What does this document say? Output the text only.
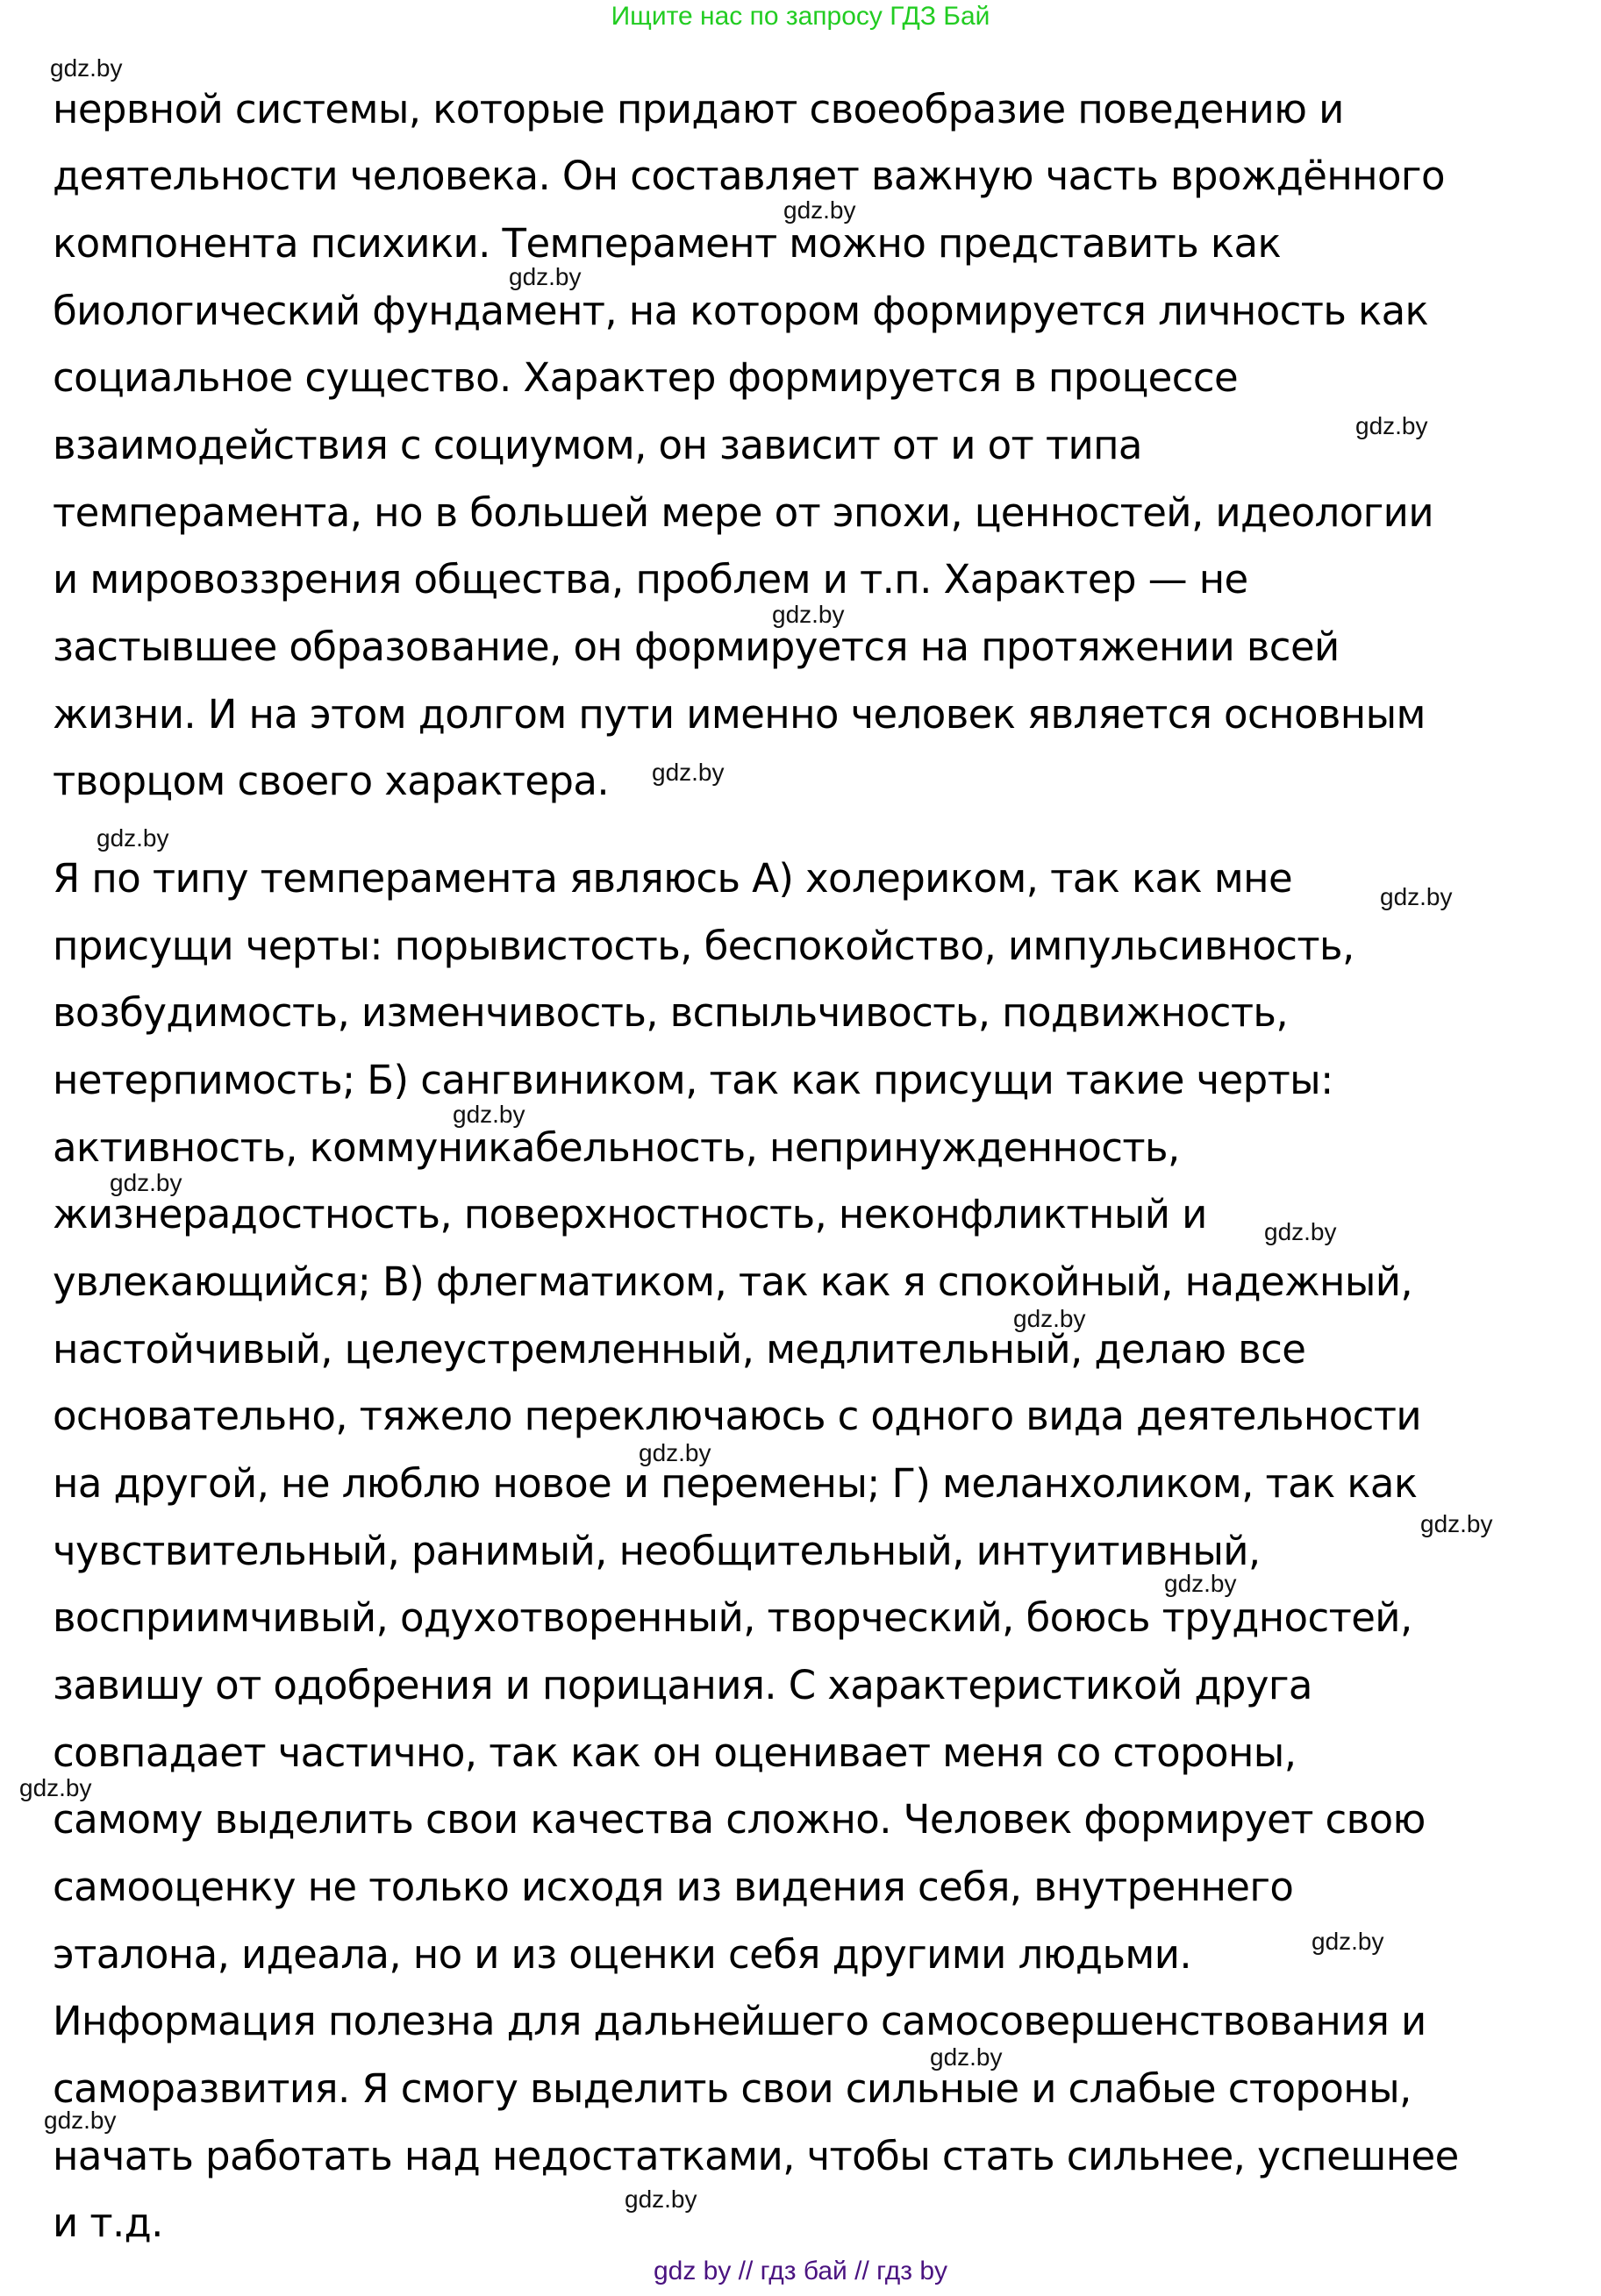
Ищите нас по запросу ГДЗ Бай
нервной системы, которые придают своеобразие поведению и
деятельности человека. Он составляет важную часть врождённого
компонента психики. Темперамент можно представить как
биологический фундамент, на котором формируется личность как
социальное существо. Характер формируется в процессе
взаимодействия с социумом, он зависит от и от типа
темперамента, но в большей мере от эпохи, ценностей, идеологии
и мировоззрения общества, проблем и т.п. Характер — не
застывшее образование, он формируется на протяжении всей
жизни. И на этом долгом пути именно человек является основным
творцом своего характера.
Я по типу темперамента являюсь А) холериком, так как мне
присущи черты: порывистость, беспокойство, импульсивность,
возбудимость, изменчивость, вспыльчивость, подвижность,
нетерпимость; Б) сангвиником, так как присущи такие черты:
активность, коммуникабельность, непринужденность,
жизнерадостность, поверхностность, неконфликтный и
увлекающийся; В) флегматиком, так как я спокойный, надежный,
настойчивый, целеустремленный, медлительный, делаю все
основательно, тяжело переключаюсь с одного вида деятельности
на другой, не люблю новое и перемены; Г) меланхоликом, так как
чувствительный, ранимый, необщительный, интуитивный,
восприимчивый, одухотворенный, творческий, боюсь трудностей,
завишу от одобрения и порицания. С характеристикой друга
совпадает частично, так как он оценивает меня со стороны,
самому выделить свои качества сложно. Человек формирует свою
самооценку не только исходя из видения себя, внутреннего
эталона, идеала, но и из оценки себя другими людьми.
Информация полезна для дальнейшего самосовершенствования и
саморазвития. Я смогу выделить свои сильные и слабые стороны,
начать работать над недостатками, чтобы стать сильнее, успешнее
и т.д.
gdz.by
gdz.by
gdz.by
gdz.by
gdz.by
gdz.by
gdz.by
gdz.by
gdz.by
gdz.by
gdz.by
gdz.by
gdz.by
gdz.by
gdz.by
gdz.by
gdz.by
gdz.by
gdz.by
gdz.by
gdz by // гдз бай // гдз by
